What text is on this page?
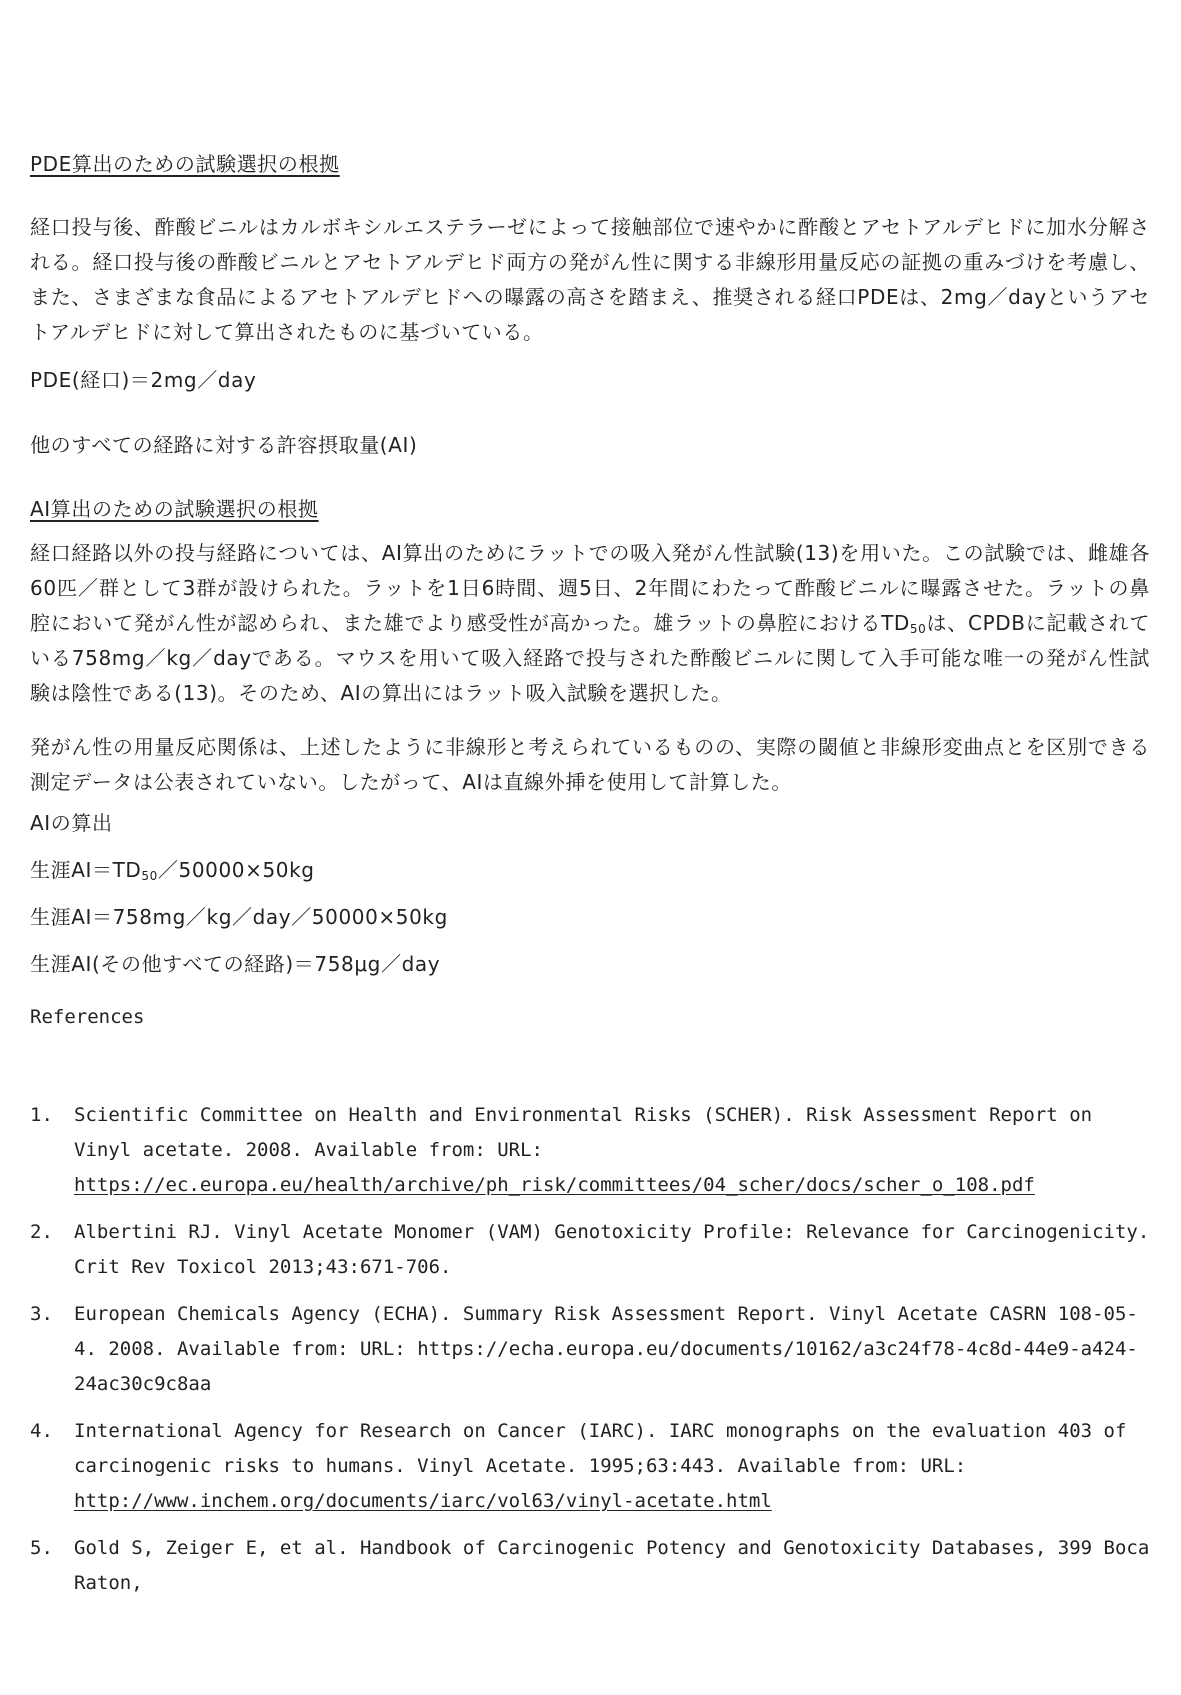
PDE算出のための試験選択の根拠

経口投与後、酢酸ビニルはカルボキシルエステラーゼによって接触部位で速やかに酢酸とアセトアルデヒドに加水分解される。経口投与後の酢酸ビニルとアセトアルデヒド両方の発がん性に関する非線形用量反応の証拠の重みづけを考慮し、また、さまざまな食品によるアセトアルデヒドへの曝露の高さを踏まえ、推奨される経口PDEは、2mg／dayというアセトアルデヒドに対して算出されたものに基づいている。

PDE(経口)＝2mg／day

他のすべての経路に対する許容摂取量(AI)

AI算出のための試験選択の根拠

経口経路以外の投与経路については、AI算出のためにラットでの吸入発がん性試験(13)を用いた。この試験では、雌雄各60匹／群として3群が設けられた。ラットを1日6時間、週5日、2年間にわたって酢酸ビニルに曝露させた。ラットの鼻腔において発がん性が認められ、また雄でより感受性が高かった。雄ラットの鼻腔における$TD_{50}$は、CPDBに記載されている758mg／kg／dayである。マウスを用いて吸入経路で投与された酢酸ビニルに関して入手可能な唯一の発がん性試験は陰性である(13)。そのため、AIの算出にはラット吸入試験を選択した。

発がん性の用量反応関係は、上述したように非線形と考えられているものの、実際の閾値と非線形変曲点とを区別できる測定データは公表されていない。したがって、AIは直線外挿を使用して計算した。

AIの算出

生涯$AI=TD_{50}/50000\times 50kg$

生涯AI＝758mg／kg／day／50000×50kg

生涯AI(その他すべての経路)＝758μg／day

References

1. Scientific Committee on Health and Environmental Risks (SCHER). Risk Assessment Report on Vinyl acetate. 2008. Available from: URL:
https://ec.europa.eu/health/archive/ph_risk/committees/04_scher/docs/scher_o_108.pdf
2. Albertini RJ. Vinyl Acetate Monomer (VAM) Genotoxicity Profile: Relevance for Carcinogenicity. Crit Rev Toxicol 2013;43:671-706.
3. European Chemicals Agency (ECHA). Summary Risk Assessment Report. Vinyl Acetate CASRN 108-05-4. 2008. Available from: URL: https://echa.europa.eu/documents/10162/a3c24f78-4c8d-44e9-a424-24ac30c9c8aa
4. International Agency for Research on Cancer (IARC). IARC monographs on the evaluation 403 of carcinogenic risks to humans. Vinyl Acetate. 1995;63:443. Available from: URL:
http://www.inchem.org/documents/iarc/vol63/vinyl-acetate.html
5. Gold S, Zeiger E, et al. Handbook of Carcinogenic Potency and Genotoxicity Databases, 399 Boca Raton,
